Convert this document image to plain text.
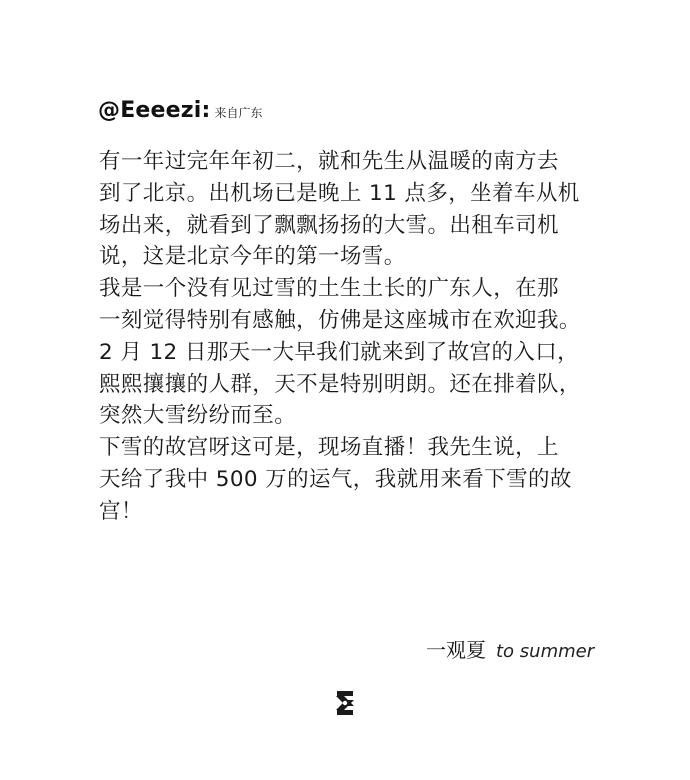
@Eeeezi: 来自广东
有一年过完年年初二，就和先生从温暖的南方去
到了北京。出机场已是晚上 11 点多，坐着车从机
场出来，就看到了飘飘扬扬的大雪。出租车司机
说，这是北京今年的第一场雪。
我是一个没有见过雪的土生土长的广东人，在那
一刻觉得特别有感触，仿佛是这座城市在欢迎我。
2 月 12 日那天一大早我们就来到了故宫的入口，
熙熙攘攘的人群，天不是特别明朗。还在排着队，
突然大雪纷纷而至。
下雪的故宫呀这可是，现场直播！我先生说，上
天给了我中 500 万的运气，我就用来看下雪的故
宫！
一观夏 to summer
